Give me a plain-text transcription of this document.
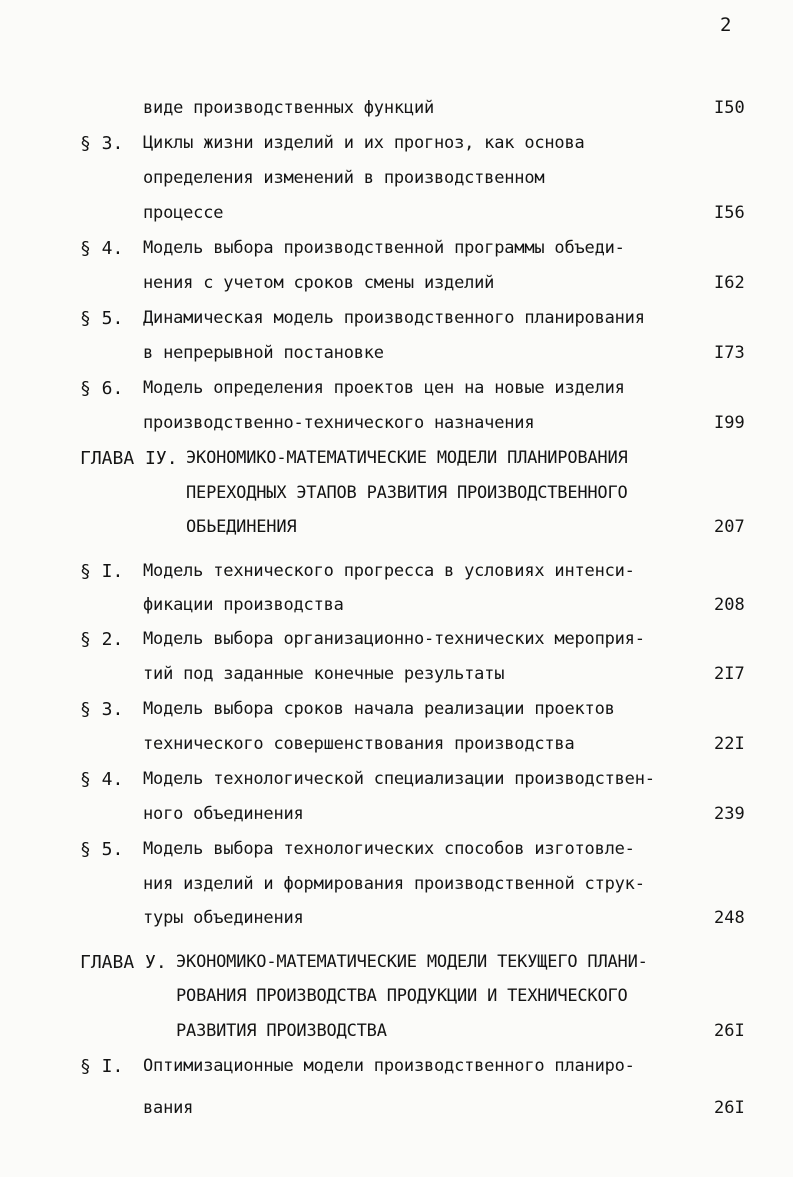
2
виде производственных функций	I50
§ 3. Циклы жизни изделий и их прогноз, как основа
определения изменений в производственном
процессе	I56
§ 4. Модель выбора производственной программы объеди-
нения с учетом сроков смены изделий	I62
§ 5. Динамическая модель производственного планирования
в непрерывной постановке	I73
§ 6. Модель определения проектов цен на новые изделия
производственно-технического назначения	I99
ГЛАВА IУ. ЭКОНОМИКО-МАТЕМАТИЧЕСКИЕ МОДЕЛИ ПЛАНИРОВАНИЯ
ПЕРЕХОДНЫХ ЭТАПОВ РАЗВИТИЯ ПРОИЗВОДСТВЕННОГО
ОБЬЕДИНЕНИЯ	207
§ I. Модель технического прогресса в условиях интенси-
фикации производства	208
§ 2. Модель выбора организационно-технических мероприя-
тий под заданные конечные результаты	2I7
§ 3. Модель выбора сроков начала реализации проектов
технического совершенствования производства	22I
§ 4. Модель технологической специализации производствен-
ного объединения	239
§ 5. Модель выбора технологических способов изготовле-
ния изделий и формирования производственной струк-
туры объединения	248
ГЛАВА У. ЭКОНОМИКО-МАТЕМАТИЧЕСКИЕ МОДЕЛИ ТЕКУЩЕГО ПЛАНИ-
РОВАНИЯ ПРОИЗВОДСТВА ПРОДУКЦИИ И ТЕХНИЧЕСКОГО
РАЗВИТИЯ ПРОИЗВОДСТВА	26I
§ I. Оптимизационные модели производственного планиро-
вания	26I
